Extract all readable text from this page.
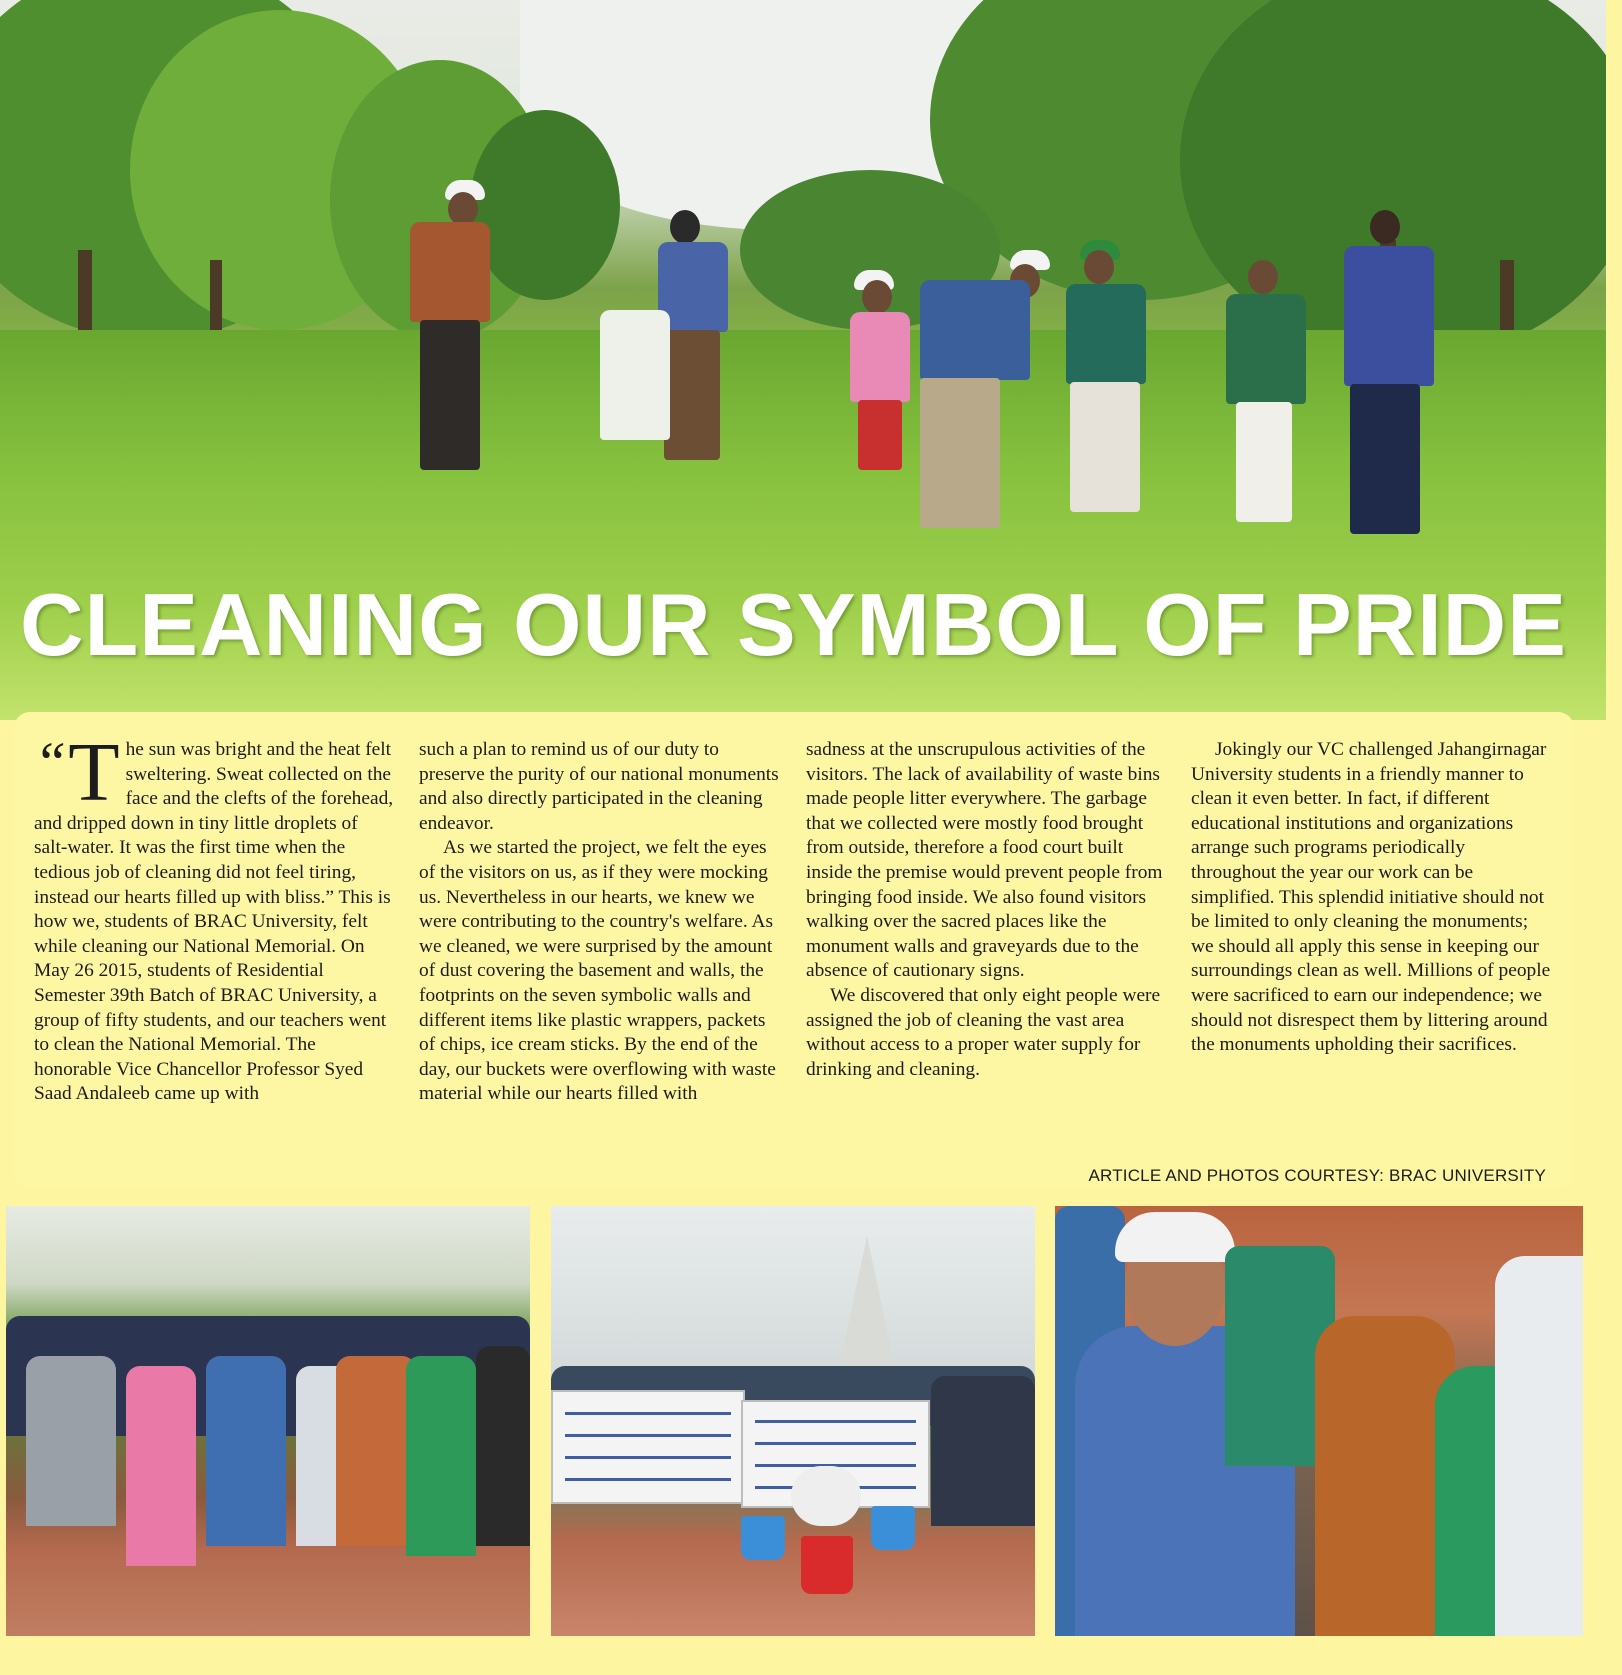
CLEANING OUR SYMBOL OF PRIDE

“ T he sun was bright and the heat felt sweltering. Sweat collected on the face and the clefts of the forehead, and dripped down in tiny little droplets of salt-water. It was the first time when the tedious job of cleaning did not feel tiring, instead our hearts filled up with bliss.” This is how we, students of BRAC University, felt while cleaning our National Memorial. On May 26 2015, students of Residential Semester 39th Batch of BRAC University, a group of fifty students, and our teachers went to clean the National Memorial. The honorable Vice Chancellor Professor Syed Saad Andaleeb came up with

such a plan to remind us of our duty to preserve the purity of our national monuments and also directly participated in the cleaning endeavor.

As we started the project, we felt the eyes of the visitors on us, as if they were mocking us. Nevertheless in our hearts, we knew we were contributing to the country's welfare. As we cleaned, we were surprised by the amount of dust covering the basement and walls, the footprints on the seven symbolic walls and different items like plastic wrappers, packets of chips, ice cream sticks. By the end of the day, our buckets were overflowing with waste material while our hearts filled with

sadness at the unscrupulous activities of the visitors. The lack of availability of waste bins made people litter everywhere. The garbage that we collected were mostly food brought from outside, therefore a food court built inside the premise would prevent people from bringing food inside. We also found visitors walking over the sacred places like the monument walls and graveyards due to the absence of cautionary signs.

We discovered that only eight people were assigned the job of cleaning the vast area without access to a proper water supply for drinking and cleaning.

Jokingly our VC challenged Jahangirnagar University students in a friendly manner to clean it even better. In fact, if different educational institutions and organizations arrange such programs periodically throughout the year our work can be simplified. This splendid initiative should not be limited to only cleaning the monuments; we should all apply this sense in keeping our surroundings clean as well. Millions of people were sacrificed to earn our independence; we should not disrespect them by littering around the monuments upholding their sacrifices.

ARTICLE AND PHOTOS COURTESY: BRAC UNIVERSITY
